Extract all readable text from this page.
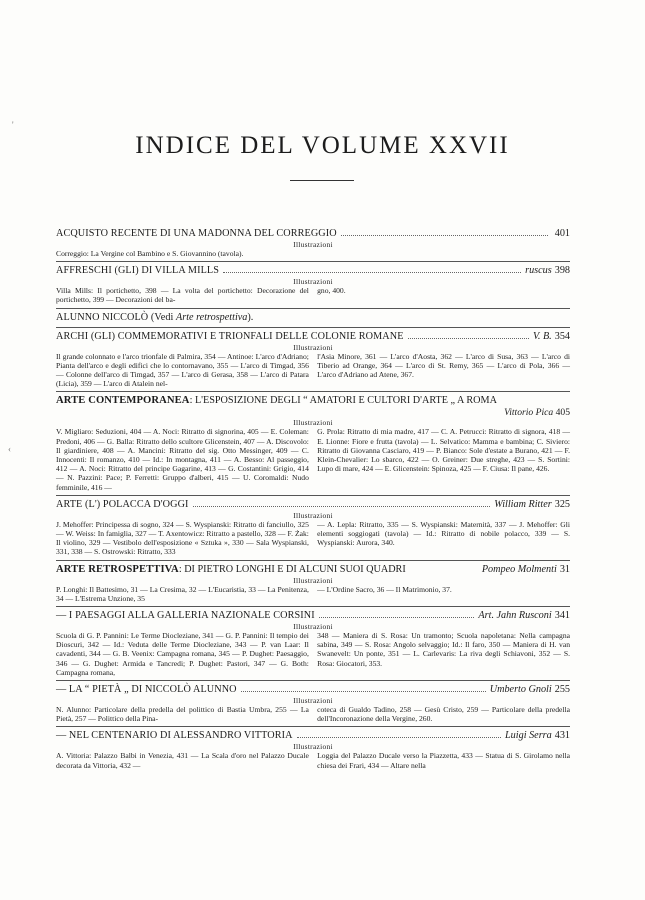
INDICE DEL VOLUME XXVII
'
‹
ACQUISTO RECENTE DI UNA MADONNA DEL CORREGGIO	401
Illustrazioni
Correggio: La Vergine col Bambino e S. Giovannino (tavola).
AFFRESCHI (GLI) DI VILLA MILLS	ruscus 398
Illustrazioni
Villa Mills: Il portichetto, 398 — La volta del portichetto: Decorazione del portichetto, 399 — Decorazioni del ba-
gno, 400.
ALUNNO NICCOLÒ (Vedi
Arte retrospettiva ).
ARCHI (GLI) COMMEMORATIVI E TRIONFALI DELLE COLONIE ROMANE	V. B. 354
Illustrazioni
Il grande colonnato e l'arco trionfale di Palmira, 354 — Antinoe: L'arco d'Adriano; Pianta dell'arco e degli edifici che lo contornavano, 355 — L'arco di Timgad, 356 — Colonne dell'arco di Timgad, 357 — L'arco di Gerasa, 358 — L'arco di Patara (Licia), 359 — L'arco di Atalein nel-
l'Asia Minore, 361 — L'arco d'Aosta, 362 — L'arco di Susa, 363 — L'arco di Tiberio ad Orange, 364 — L'arco di St. Remy, 365 — L'arco di Pola, 366 — L'arco d'Adriano ad Atene, 367.
ARTE CONTEMPORANEA : L'ESPOSIZIONE DEGLI “ AMATORI E CULTORI D'ARTE „ A ROMA
Vittorio Pica 405
Illustrazioni
V. Migliaro: Seduzioni, 404 — A. Noci: Ritratto di signorina, 405 — E. Coleman: Predoni, 406 — G. Balla: Ritratto dello scultore Glicenstein, 407 — A. Discovolo: Il giardiniere, 408 — A. Mancini: Ritratto del sig. Otto Messinger, 409 — C. Innocenti: Il romanzo, 410 — Id.: In montagna, 411 — A. Besso: Al passeggio, 412 — A. Noci: Ritratto del principe Gagarine, 413 — G. Costantini: Grigio, 414 — N. Pazzini: Pace; P. Ferretti: Gruppo d'alberi, 415 — U. Coromaldi: Nudo femminile, 416 —
G. Prola: Ritratto di mia madre, 417 — C. A. Petrucci: Ritratto di signora, 418 — E. Lionne: Fiore e frutta (tavola) — L. Selvatico: Mamma e bambina; C. Siviero: Ritratto di Giovanna Casciaro, 419 — P. Bianco: Sole d'estate a Burano, 421 — F. Klein-Chevalier: Lo sbarco, 422 — O. Greiner: Due streghe, 423 — S. Sortini: Lupo di mare, 424 — E. Glicenstein: Spinoza, 425 — F. Ciusa: Il pane, 426.
ARTE (L') POLACCA D'OGGI	William Ritter 325
Illustrazioni
J. Mehoffer: Principessa di sogno, 324 — S. Wyspianski: Ritratto di fanciullo, 325 — W. Weiss: In famiglia, 327 — T. Axentowicz: Ritratto a pastello, 328 — F. Żak: Il violino, 329 — Vestibolo dell'esposizione « Sztuka », 330 — Sala Wyspianski, 331, 338 — S. Ostrowski: Ritratto, 333
— A. Lepla: Ritratto, 335 — S. Wyspianski: Maternità, 337 — J. Mehoffer: Gli elementi soggiogati (tavola) — Id.: Ritratto di nobile polacco, 339 — S. Wyspianski: Aurora, 340.
ARTE RETROSPETTIVA : DI PIETRO LONGHI E DI ALCUNI SUOI QUADRI	Pompeo Molmenti 31
Illustrazioni
P. Longhi: Il Battesimo, 31 — La Cresima, 32 — L'Eucaristia, 33 — La Penitenza, 34 — L'Estrema Unzione, 35
— L'Ordine Sacro, 36 — Il Matrimonio, 37.
— I PAESAGGI ALLA GALLERIA NAZIONALE CORSINI	Art. Jahn Rusconi 341
Illustrazioni
Scuola di G. P. Pannini: Le Terme Diocleziane, 341 — G. P. Pannini: Il tempio dei Dioscuri, 342 — Id.: Veduta delle Terme Diocleziane, 343 — P. van Laar: Il cavadenti, 344 — G. B. Veenix: Campagna romana, 345 — P. Dughet: Paesaggio, 346 — G. Dughet: Armida e Tancredi; P. Dughet: Pastori, 347 — G. Both: Campagna romana,
348 — Maniera di S. Rosa: Un tramonto; Scuola napoletana: Nella campagna sabina, 349 — S. Rosa: Angolo selvaggio; Id.: Il faro, 350 — Maniera di H. van Swanevelt: Un ponte, 351 — L. Carlevaris: La riva degli Schiavoni, 352 — S. Rosa: Giocatori, 353.
— LA “ PIETÀ „ DI NICCOLÒ ALUNNO	Umberto Gnoli 255
Illustrazioni
N. Alunno: Particolare della predella del polittico di Bastia Umbra, 255 — La Pietà, 257 — Polittico della Pina-
coteca di Gualdo Tadino, 258 — Gesù Cristo, 259 — Particolare della predella dell'Incoronazione della Vergine, 260.
— NEL CENTENARIO DI ALESSANDRO VITTORIA	Luigi Serra 431
Illustrazioni
A. Vittoria: Palazzo Balbi in Venezia, 431 — La Scala d'oro nel Palazzo Ducale decorata da Vittoria, 432 —
Loggia del Palazzo Ducale verso la Piazzetta, 433 — Statua di S. Girolamo nella chiesa dei Frari, 434 — Altare nella
